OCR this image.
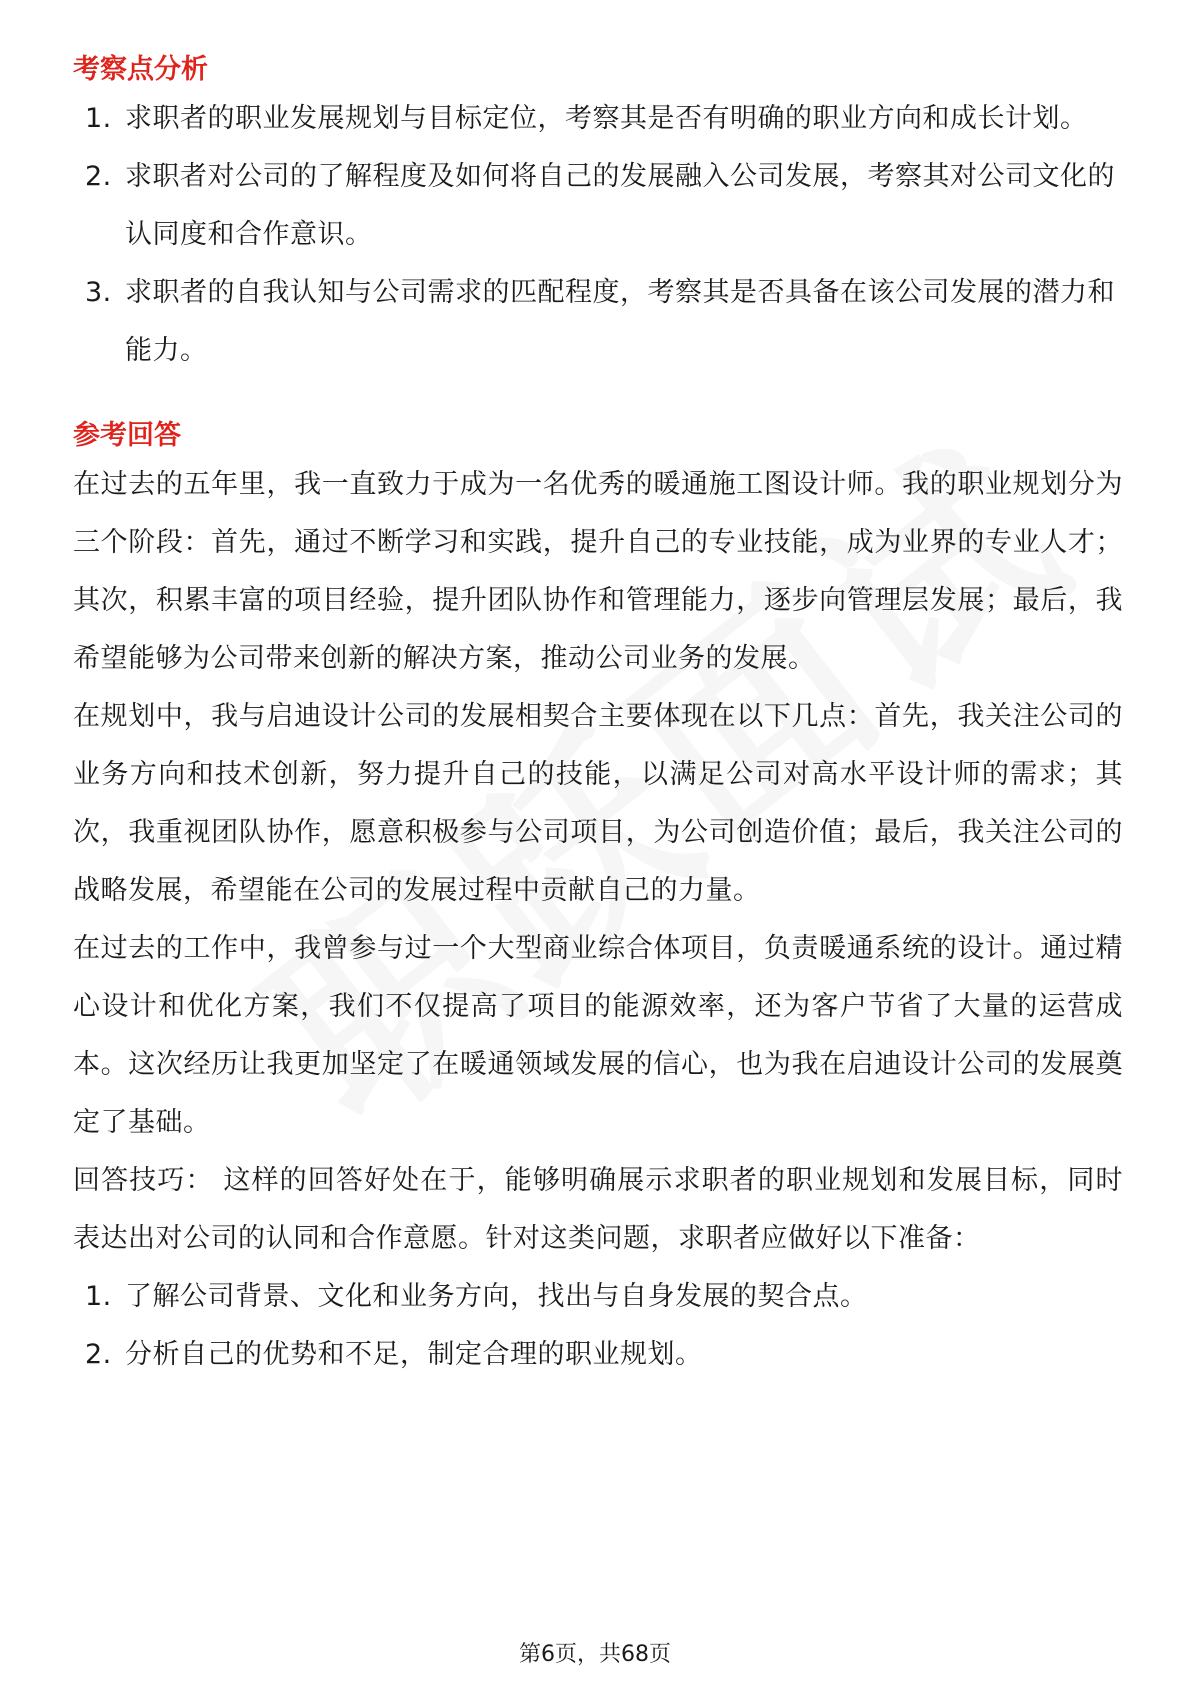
考察点分析
1. 求职者的职业发展规划与目标定位，考察其是否有明确的职业方向和成长计划。
2. 求职者对公司的了解程度及如何将自己的发展融入公司发展，考察其对公司文化的认同度和合作意识。
3. 求职者的自我认知与公司需求的匹配程度，考察其是否具备在该公司发展的潜力和能力。
参考回答

在过去的五年里，我一直致力于成为一名优秀的暖通施工图设计师。我的职业规划分为三个阶段：首先，通过不断学习和实践，提升自己的专业技能，成为业界的专业人才；其次，积累丰富的项目经验，提升团队协作和管理能力，逐步向管理层发展；最后，我希望能够为公司带来创新的解决方案，推动公司业务的发展。

在规划中，我与启迪设计公司的发展相契合主要体现在以下几点：首先，我关注公司的业务方向和技术创新，努力提升自己的技能，以满足公司对高水平设计师的需求；其次，我重视团队协作，愿意积极参与公司项目，为公司创造价值；最后，我关注公司的战略发展，希望能在公司的发展过程中贡献自己的力量。

在过去的工作中，我曾参与过一个大型商业综合体项目，负责暖通系统的设计。通过精心设计和优化方案，我们不仅提高了项目的能源效率，还为客户节省了大量的运营成本。这次经历让我更加坚定了在暖通领域发展的信心，也为我在启迪设计公司的发展奠定了基础。

回答技巧： 这样的回答好处在于，能够明确展示求职者的职业规划和发展目标，同时表达出对公司的认同和合作意愿。针对这类问题，求职者应做好以下准备：

1. 了解公司背景、文化和业务方向，找出与自身发展的契合点。
2. 分析自己的优势和不足，制定合理的职业规划。
第6页，共68页
